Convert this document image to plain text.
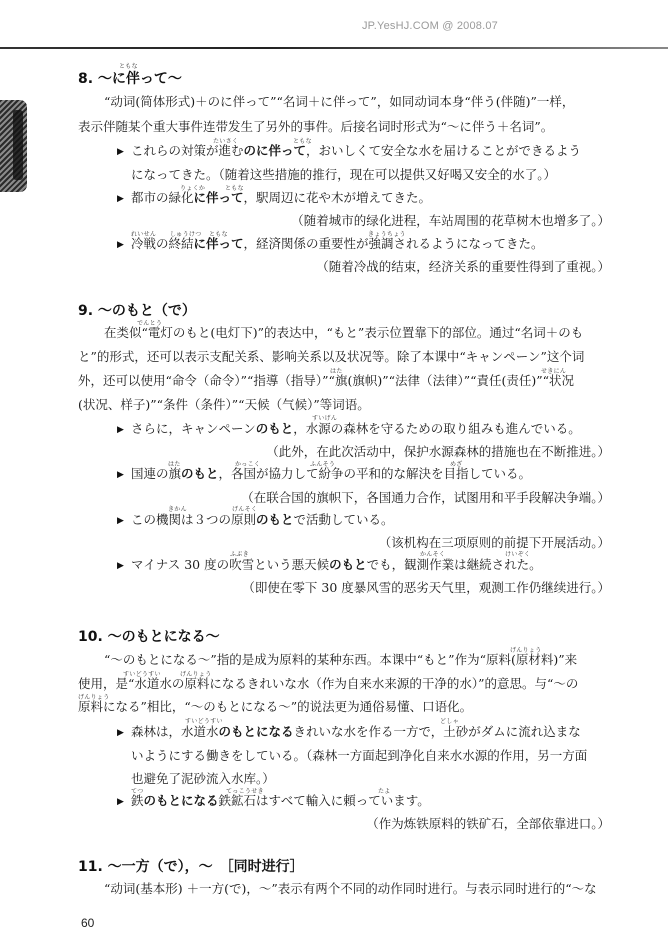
JP.YesHJ.COM @ 2008.07
ともな
8. ～に伴って～
“动词(简体形式)＋のに伴って”“名词＋に伴って”，如同动词本身“伴う(伴随)”一样，
表示伴随某个重大事件连带发生了另外的事件。后接名词时形式为“～に伴う＋名词”。
▶
たいさく	ともな
これらの対策が進むのに伴って，おいしくて安全な水を届けることができるよう
になってきた。（随着这些措施的推行，现在可以提供又好喝又安全的水了。）
▶
りょくか	ともな
都市の緑化に伴って，駅周辺に花や木が増えてきた。
（随着城市的绿化进程，车站周围的花草树木也增多了。）
▶
れいせん しゅうけつ ともな	きょうちょう
冷戦の終結に伴って，経済関係の重要性が強調されるようになってきた。
（随着冷战的结束，经济关系的重要性得到了重视。）
9. ～のもと（で）
でんとう
在类似“電灯のもと(电灯下)”的表达中，“もと”表示位置靠下的部位。通过“名词＋のも
と”的形式，还可以表示支配关系、影响关系以及状况等。除了本课中“キャンペーン”这个词
はた	せきにん
外，还可以使用“命令（命令）”“指導（指导）”“旗(旗帜)”“法律（法律）”“責任(责任)”“状况
(状况、样子)”“条件（条件）”“天候（气候）”等词语。
▶
すいげん
さらに，キャンペーンのもと，水源の森林を守るための取り組みも進んでいる。
（此外，在此次活动中，保护水源森林的措施也在不断推进。）
▶
はた	かっこく	ふんそう	めざ
国連の旗のもと，各国が協力して紛争の平和的な解決を目指している。
（在联合国的旗帜下，各国通力合作，试图用和平手段解决争端。）
▶
きかん	げんそく
この機関は３つの原則のもとで活動している。
（该机构在三项原则的前提下开展活动。）
▶
ふぶき	かんそく	けいぞく
マイナス 30 度の吹雪という悪天候のもとでも，観測作業は継続された。
（即使在零下 30 度暴风雪的恶劣天气里，观测工作仍继续进行。）
10. ～のもとになる～
げんりょう
“～のもとになる～”指的是成为原料的某种东西。本课中“もと”作为“原料(原材料)”来
すいどうすい	げんりょう
使用，是“水道水の原料になるきれいな水（作为自来水来源的干净的水）”的意思。与“～の
げんりょう
原料になる”相比，“～のもとになる～”的说法更为通俗易懂、口语化。
▶
すいどうすい	どしゃ
森林は，水道水のもとになるきれいな水を作る一方で，土砂がダムに流れ込まな
いようにする働きをしている。（森林一方面起到净化自来水水源的作用，另一方面
也避免了泥砂流入水库。）
▶
てつ	てっこうせき	たよ
鉄のもとになる鉄鉱石はすべて輸入に頼っています。
（作为炼铁原料的铁矿石，全部依靠进口。）
11. ～一方（で），～　［同时进行］
“动词(基本形) ＋一方(で)，～”表示有两个不同的动作同时进行。与表示同时进行的“～な
60
